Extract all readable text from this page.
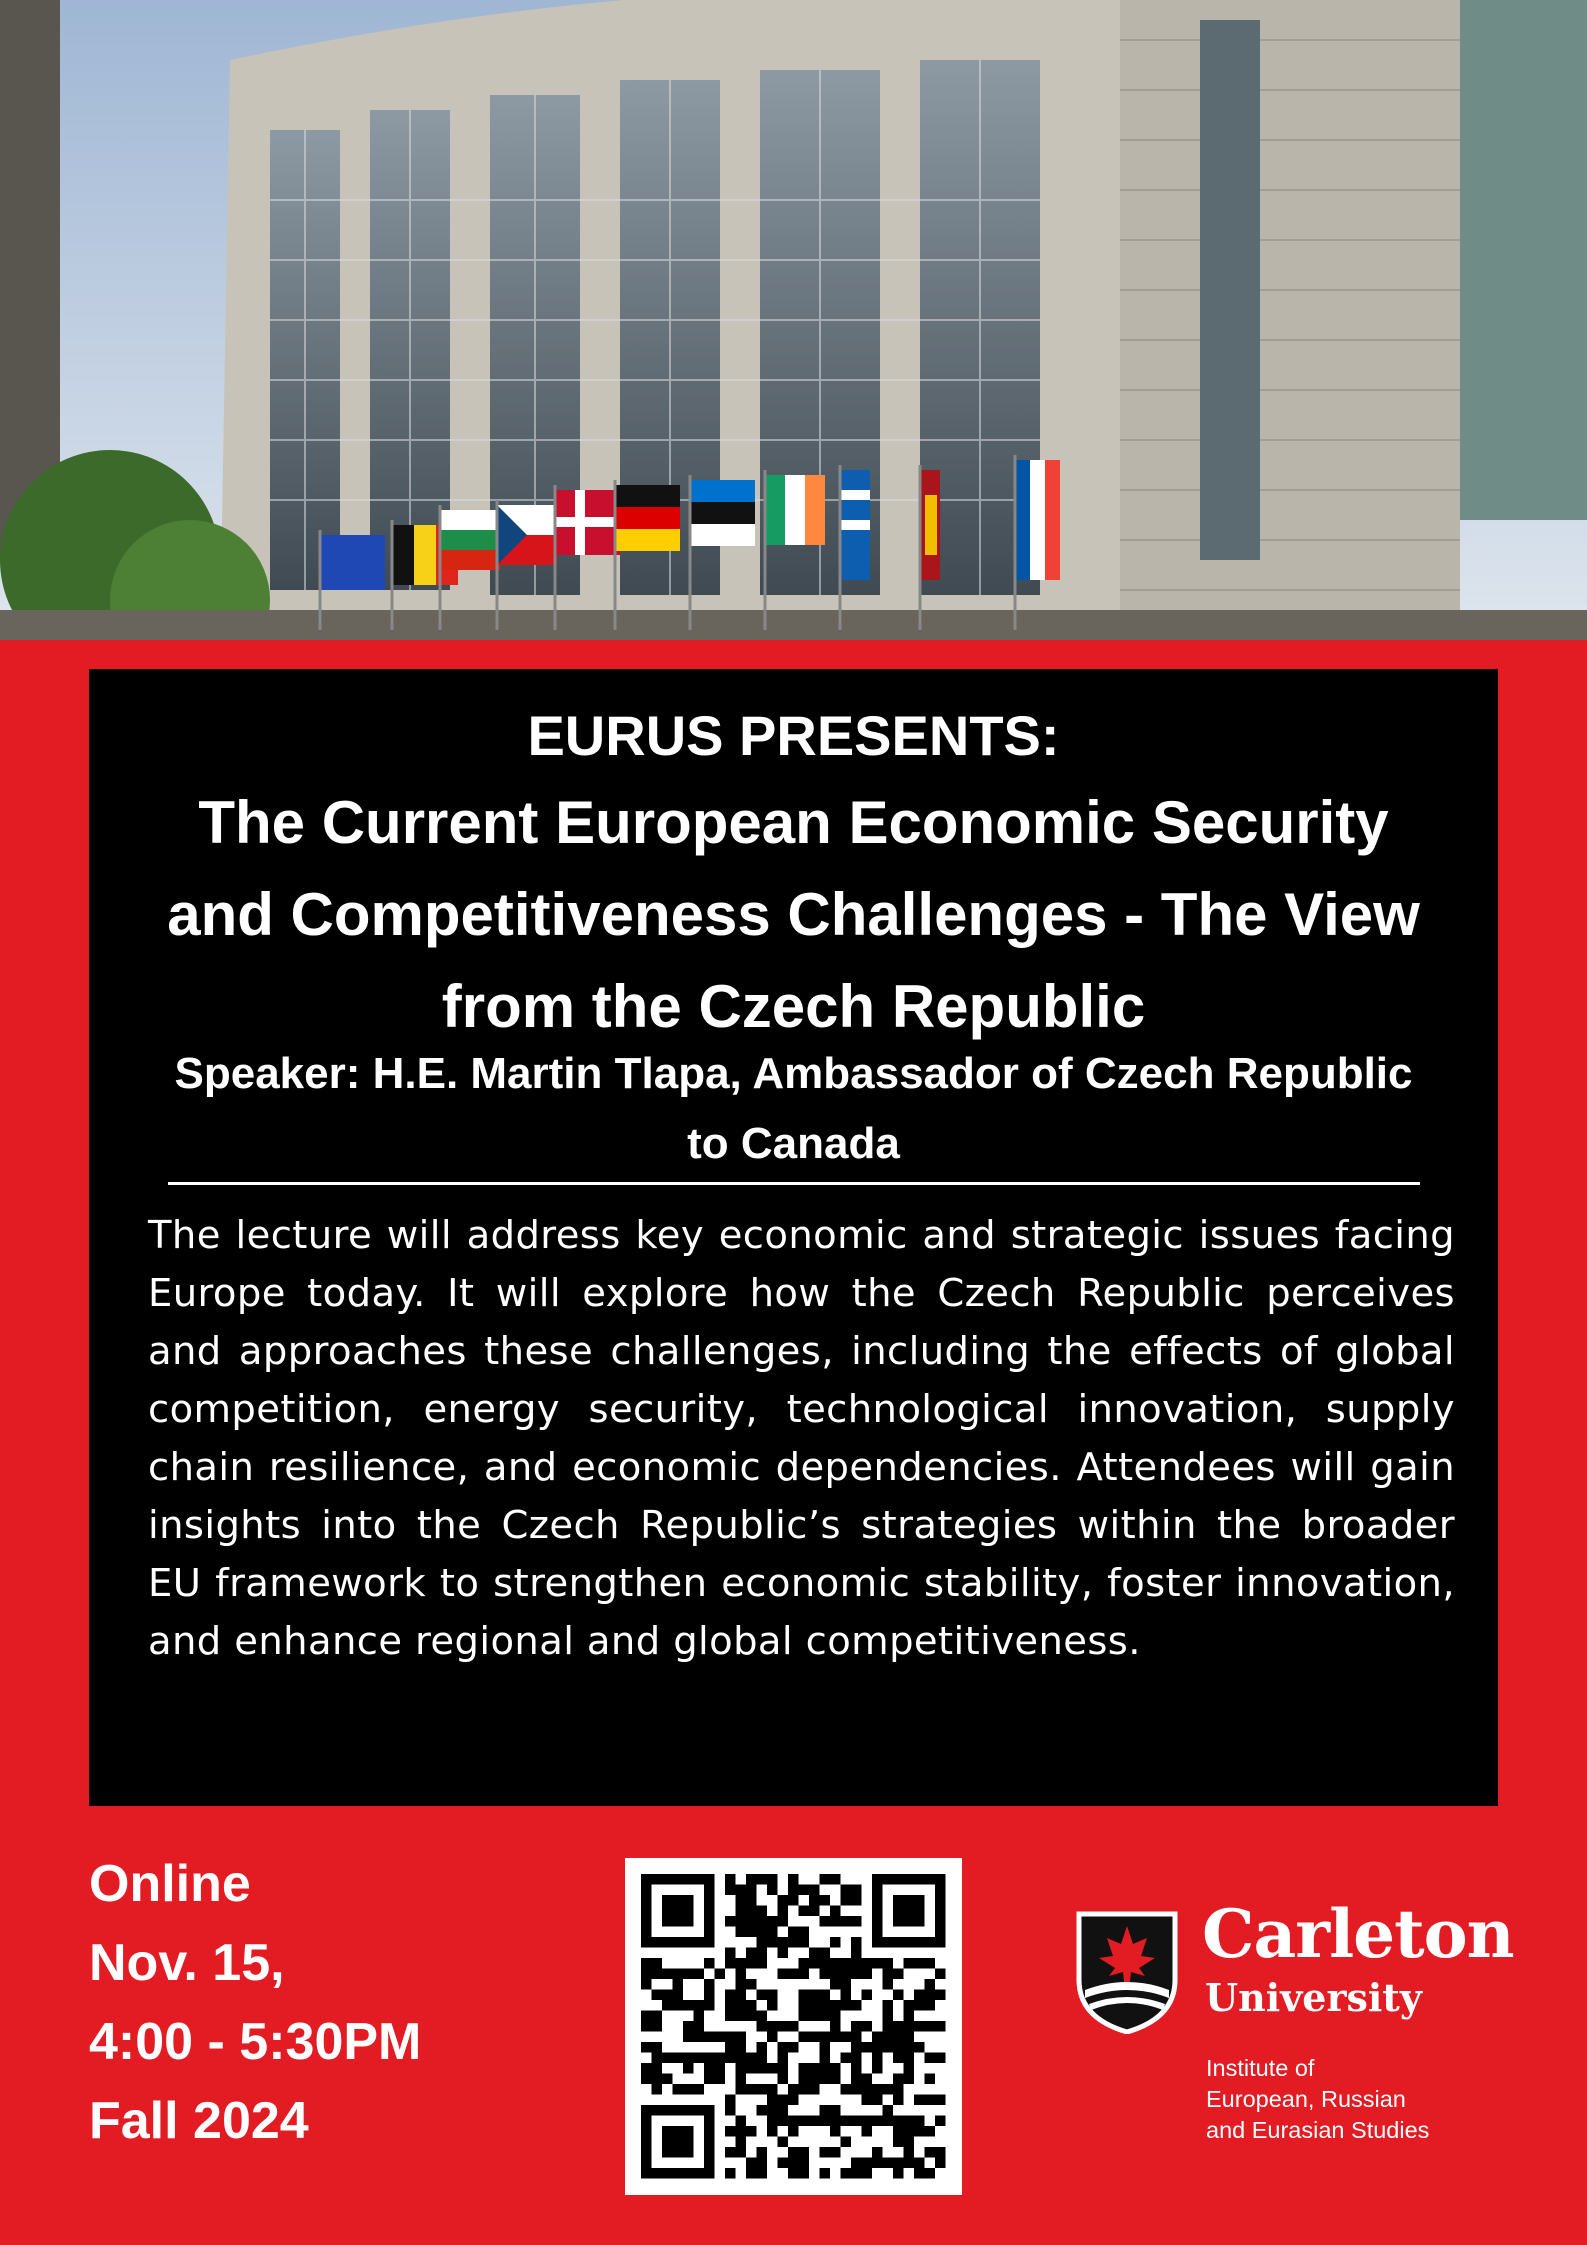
EURUS PRESENTS:
The Current European Economic Security and Competitiveness Challenges - The View from the Czech Republic
Speaker: H.E. Martin Tlapa, Ambassador of Czech Republic to Canada
The lecture will address key economic and strategic issues facing Europe today. It will explore how the Czech Republic perceives and approaches these challenges, including the effects of global competition, energy security, technological innovation, supply chain resilience, and economic dependencies. Attendees will gain insights into the Czech Republic’s strategies within the broader EU framework to strengthen economic stability, foster innovation, and enhance regional and global competitiveness.
Online
Nov. 15,
4:00 - 5:30PM
Fall 2024
Carleton
University
Institute of
European, Russian
and Eurasian Studies
